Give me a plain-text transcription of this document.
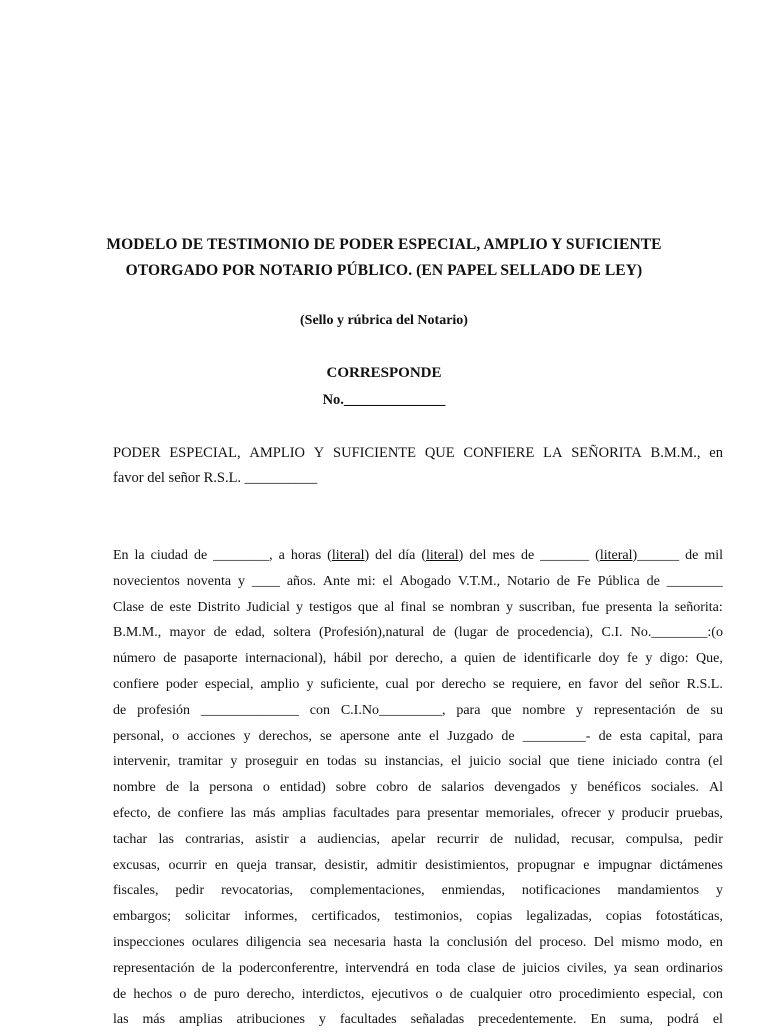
MODELO DE TESTIMONIO DE PODER ESPECIAL, AMPLIO Y SUFICIENTE
OTORGADO POR NOTARIO PÚBLICO. (EN PAPEL SELLADO DE LEY)
(Sello y rúbrica del Notario)
CORRESPONDE
No.______________
PODER ESPECIAL, AMPLIO Y SUFICIENTE QUE CONFIERE LA SEÑORITA B.M.M., en
favor del señor R.S.L. __________
En la ciudad de ________, a horas (literal) del día (literal) del mes de _______ (literal)______ de mil
novecientos noventa y ____ años. Ante mi: el Abogado V.T.M., Notario de Fe Pública de ________
Clase de este Distrito Judicial y testigos que al final se nombran y suscriban, fue presenta la señorita:
B.M.M., mayor de edad, soltera (Profesión),natural de (lugar de procedencia), C.I. No.________:(o
número de pasaporte internacional), hábil por derecho, a quien de identificarle doy fe y digo: Que,
confiere poder especial, amplio y suficiente, cual por derecho se requiere, en favor del señor R.S.L.
de profesión ______________ con C.I.No_________, para que nombre y representación de su
personal, o acciones y derechos, se apersone ante el Juzgado de _________- de esta capital, para
intervenir, tramitar y proseguir en todas su instancias, el juicio social que tiene iniciado contra (el
nombre de la persona o entidad) sobre cobro de salarios devengados y benéficos sociales. Al
efecto, de confiere las más amplias facultades para presentar memoriales, ofrecer y producir pruebas,
tachar las contrarias, asistir a audiencias, apelar recurrir de nulidad, recusar, compulsa, pedir
excusas, ocurrir en queja transar, desistir, admitir desistimientos, propugnar e impugnar dictámenes
fiscales, pedir revocatorias, complementaciones, enmiendas, notificaciones mandamientos y
embargos; solicitar informes, certificados, testimonios, copias legalizadas, copias fotostáticas,
inspecciones oculares diligencia sea necesaria hasta la conclusión del proceso. Del mismo modo, en
representación de la poderconferentre, intervendrá en toda clase de juicios civiles, ya sean ordinarios
de hechos o de puro derecho, interdictos, ejecutivos o de cualquier otro procedimiento especial, con
las más amplias atribuciones y facultades señaladas precedentemente. En suma, podrá el
